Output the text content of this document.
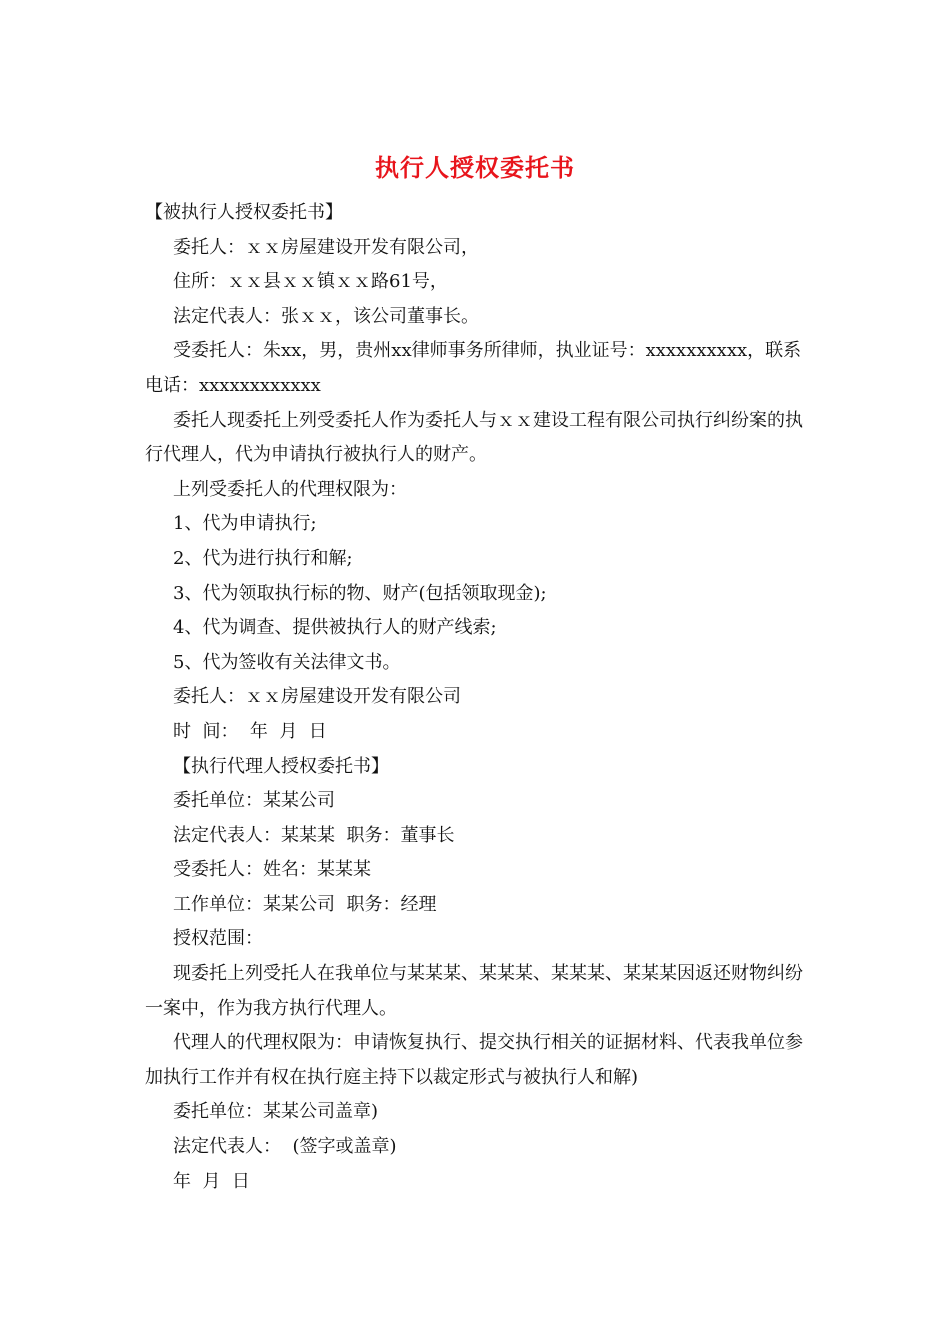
执行人授权委托书

【被执行人授权委托书】

委托人：ｘｘ房屋建设开发有限公司，

住所：ｘｘ县ｘｘ镇ｘｘ路61号，

法定代表人：张ｘｘ，该公司董事长。

受委托人：朱xx，男，贵州xx律师事务所律师，执业证号：xxxxxxxxxx，联系电话：xxxxxxxxxxxx

委托人现委托上列受委托人作为委托人与ｘｘ建设工程有限公司执行纠纷案的执行代理人，代为申请执行被执行人的财产。

上列受委托人的代理权限为：

1、代为申请执行;

2、代为进行执行和解;

3、代为领取执行标的物、财产(包括领取现金);

4、代为调查、提供被执行人的财产线索;

5、代为签收有关法律文书。

委托人：ｘｘ房屋建设开发有限公司

时  间：  年  月  日

【执行代理人授权委托书】

委托单位：某某公司

法定代表人：某某某  职务：董事长

受委托人：姓名：某某某

工作单位：某某公司  职务：经理

授权范围：

现委托上列受托人在我单位与某某某、某某某、某某某、某某某因返还财物纠纷一案中，作为我方执行代理人。

代理人的代理权限为：申请恢复执行、提交执行相关的证据材料、代表我单位参加执行工作并有权在执行庭主持下以裁定形式与被执行人和解)

委托单位：某某公司盖章)

法定代表人：  (签字或盖章)

年  月  日
